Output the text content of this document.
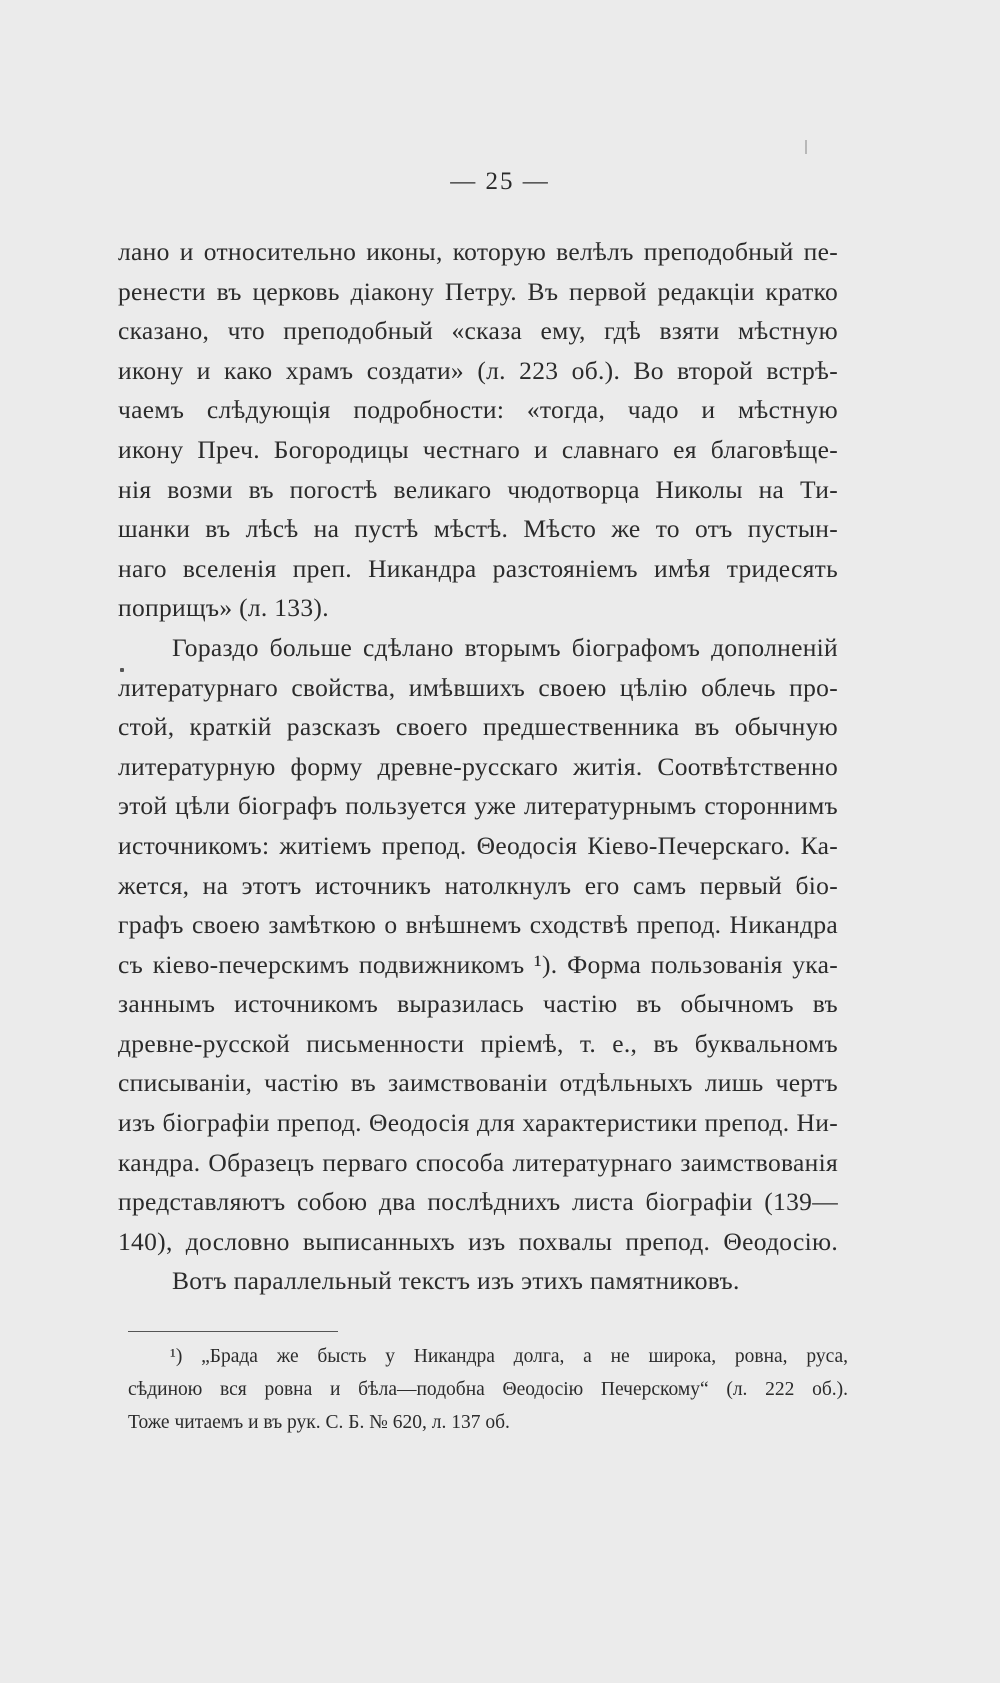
— 25 —
лано и относительно иконы, которую велѣлъ преподобный пе-
ренести въ церковь діакону Петру. Въ первой редакціи кратко
сказано, что преподобный «сказа ему, гдѣ взяти мѣстную
икону и како храмъ создати» (л. 223 об.). Во второй встрѣ-
чаемъ слѣдующія подробности: «тогда, чадо и мѣстную
икону Преч. Богородицы честнаго и славнаго ея благовѣще-
нія возми въ погостѣ великаго чюдотворца Николы на Ти-
шанки въ лѣсѣ на пустѣ мѣстѣ. Мѣсто же то отъ пустын-
наго вселенія преп. Никандра разстояніемъ имѣя тридесять
поприщъ» (л. 133).
Гораздо больше сдѣлано вторымъ біографомъ дополненій
литературнаго свойства, имѣвшихъ своею цѣлію облечь про-
стой, краткій разсказъ своего предшественника въ обычную
литературную форму древне-русскаго житія. Соотвѣтственно
этой цѣли біографъ пользуется уже литературнымъ стороннимъ
источникомъ: житіемъ препод. Θеодосія Кіево-Печерскаго. Ка-
жется, на этотъ источникъ натолкнулъ его самъ первый біо-
графъ своею замѣткою о внѣшнемъ сходствѣ препод. Никандра
съ кіево-печерскимъ подвижникомъ ¹). Форма пользованія ука-
заннымъ источникомъ выразилась частію въ обычномъ въ
древне-русской письменности пріемѣ, т. е., въ буквальномъ
списываніи, частію въ заимствованіи отдѣльныхъ лишь чертъ
изъ біографіи препод. Θеодосія для характеристики препод. Ни-
кандра. Образецъ перваго способа литературнаго заимствованія
представляютъ собою два послѣднихъ листа біографіи (139—
140), дословно выписанныхъ изъ похвалы препод. Θеодосію.
Вотъ параллельный текстъ изъ этихъ памятниковъ.
¹) „Брада же бысть у Никандра долга, а не широка, ровна, руса,
сѣдиною вся ровна и бѣла—подобна Θеодосію Печерскому“ (л. 222 об.).
Тоже читаемъ и въ рук. С. Б. № 620, л. 137 об.
